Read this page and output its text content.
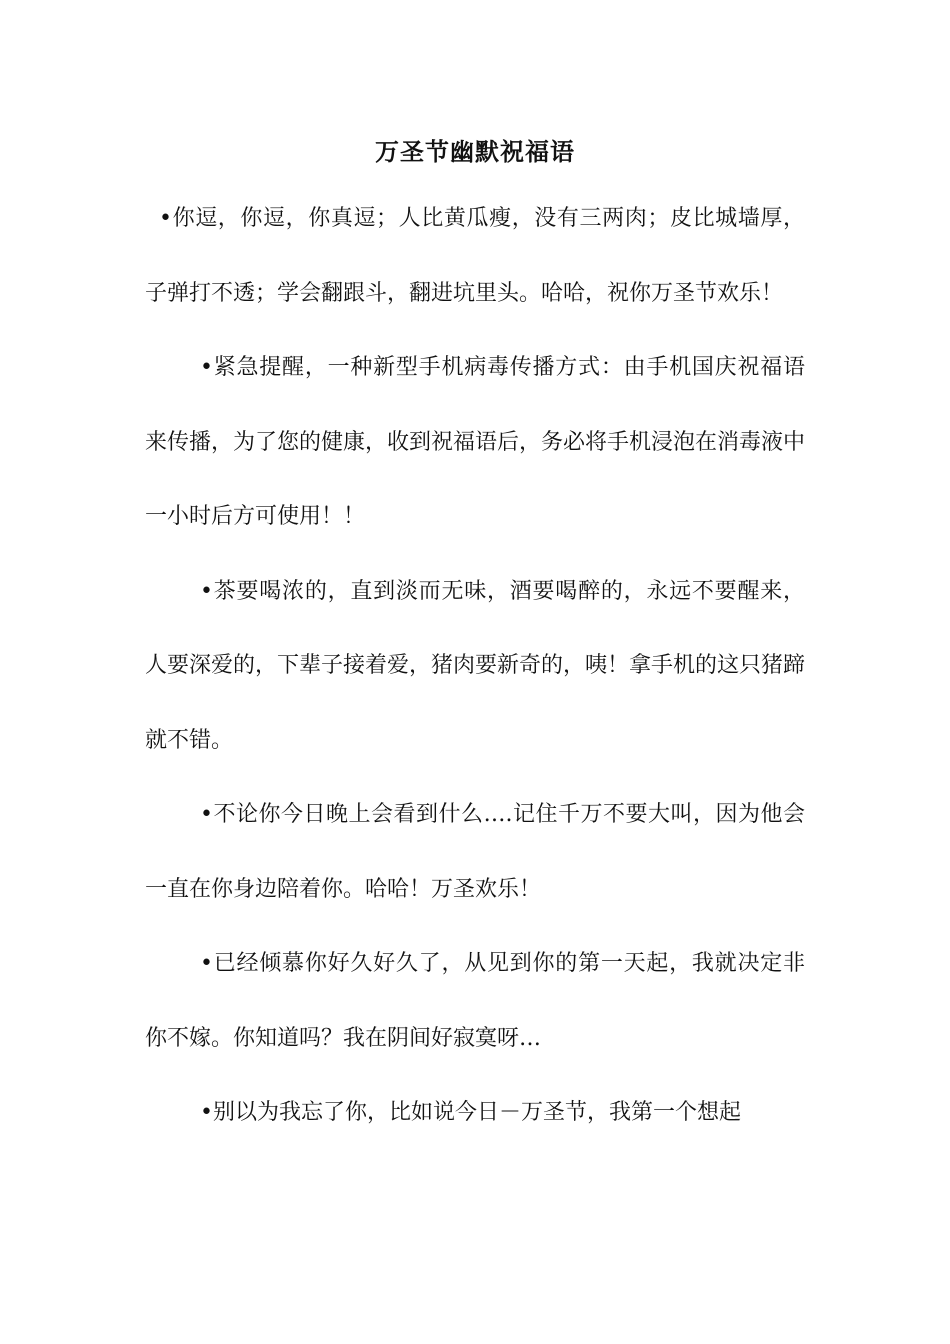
万圣节幽默祝福语

•你逗，你逗，你真逗；人比黄瓜瘦，没有三两肉；皮比城墙厚，子弹打不透；学会翻跟斗，翻进坑里头。哈哈，祝你万圣节欢乐！

•紧急提醒，一种新型手机病毒传播方式：由手机国庆祝福语来传播，为了您的健康，收到祝福语后，务必将手机浸泡在消毒液中一小时后方可使用！！

•茶要喝浓的，直到淡而无味，酒要喝醉的，永远不要醒来，人要深爱的，下辈子接着爱，猪肉要新奇的，咦！拿手机的这只猪蹄就不错。

•不论你今日晚上会看到什么….记住千万不要大叫，因为他会一直在你身边陪着你。哈哈！万圣欢乐！

•已经倾慕你好久好久了，从见到你的第一天起，我就决定非你不嫁。你知道吗？我在阴间好寂寞呀…

•别以为我忘了你，比如说今日－万圣节，我第一个想起
